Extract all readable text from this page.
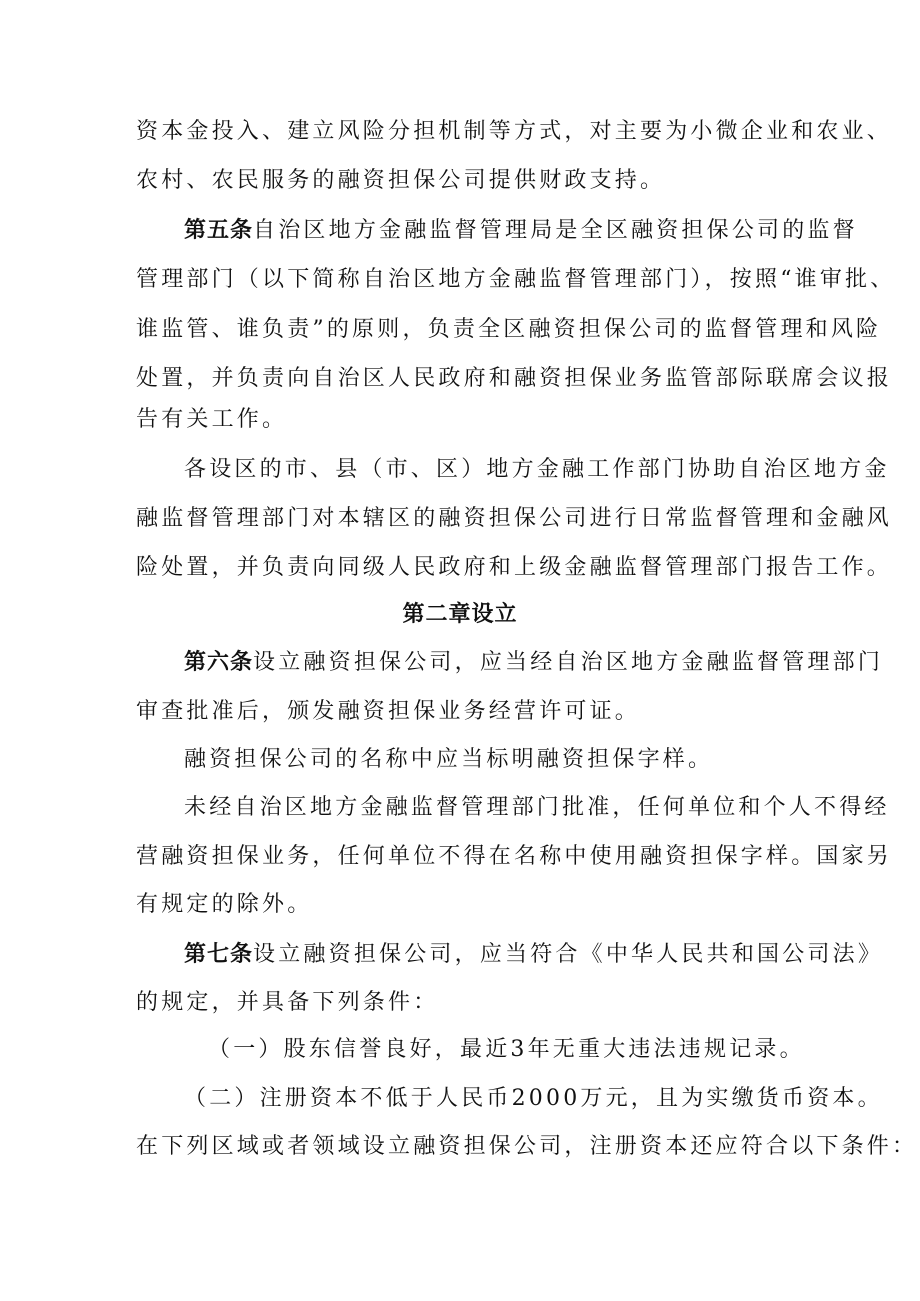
资本金投入、建立风险分担机制等方式，对主要为小微企业和农业、
农村、农民服务的融资担保公司提供财政支持。
第五条自治区地方金融监督管理局是全区融资担保公司的监督
管理部门（以下简称自治区地方金融监督管理部门），按照“谁审批、
谁监管、谁负责”的原则，负责全区融资担保公司的监督管理和风险
处置，并负责向自治区人民政府和融资担保业务监管部际联席会议报
告有关工作。
各设区的市、县（市、区）地方金融工作部门协助自治区地方金
融监督管理部门对本辖区的融资担保公司进行日常监督管理和金融风
险处置，并负责向同级人民政府和上级金融监督管理部门报告工作。
第二章设立
第六条设立融资担保公司，应当经自治区地方金融监督管理部门
审查批准后，颁发融资担保业务经营许可证。
融资担保公司的名称中应当标明融资担保字样。
未经自治区地方金融监督管理部门批准，任何单位和个人不得经
营融资担保业务，任何单位不得在名称中使用融资担保字样。国家另
有规定的除外。
第七条设立融资担保公司，应当符合《中华人民共和国公司法》
的规定，并具备下列条件：
（一）股东信誉良好，最近3年无重大违法违规记录。
（二）注册资本不低于人民币2000万元，且为实缴货币资本。
在下列区域或者领域设立融资担保公司，注册资本还应符合以下条件：
